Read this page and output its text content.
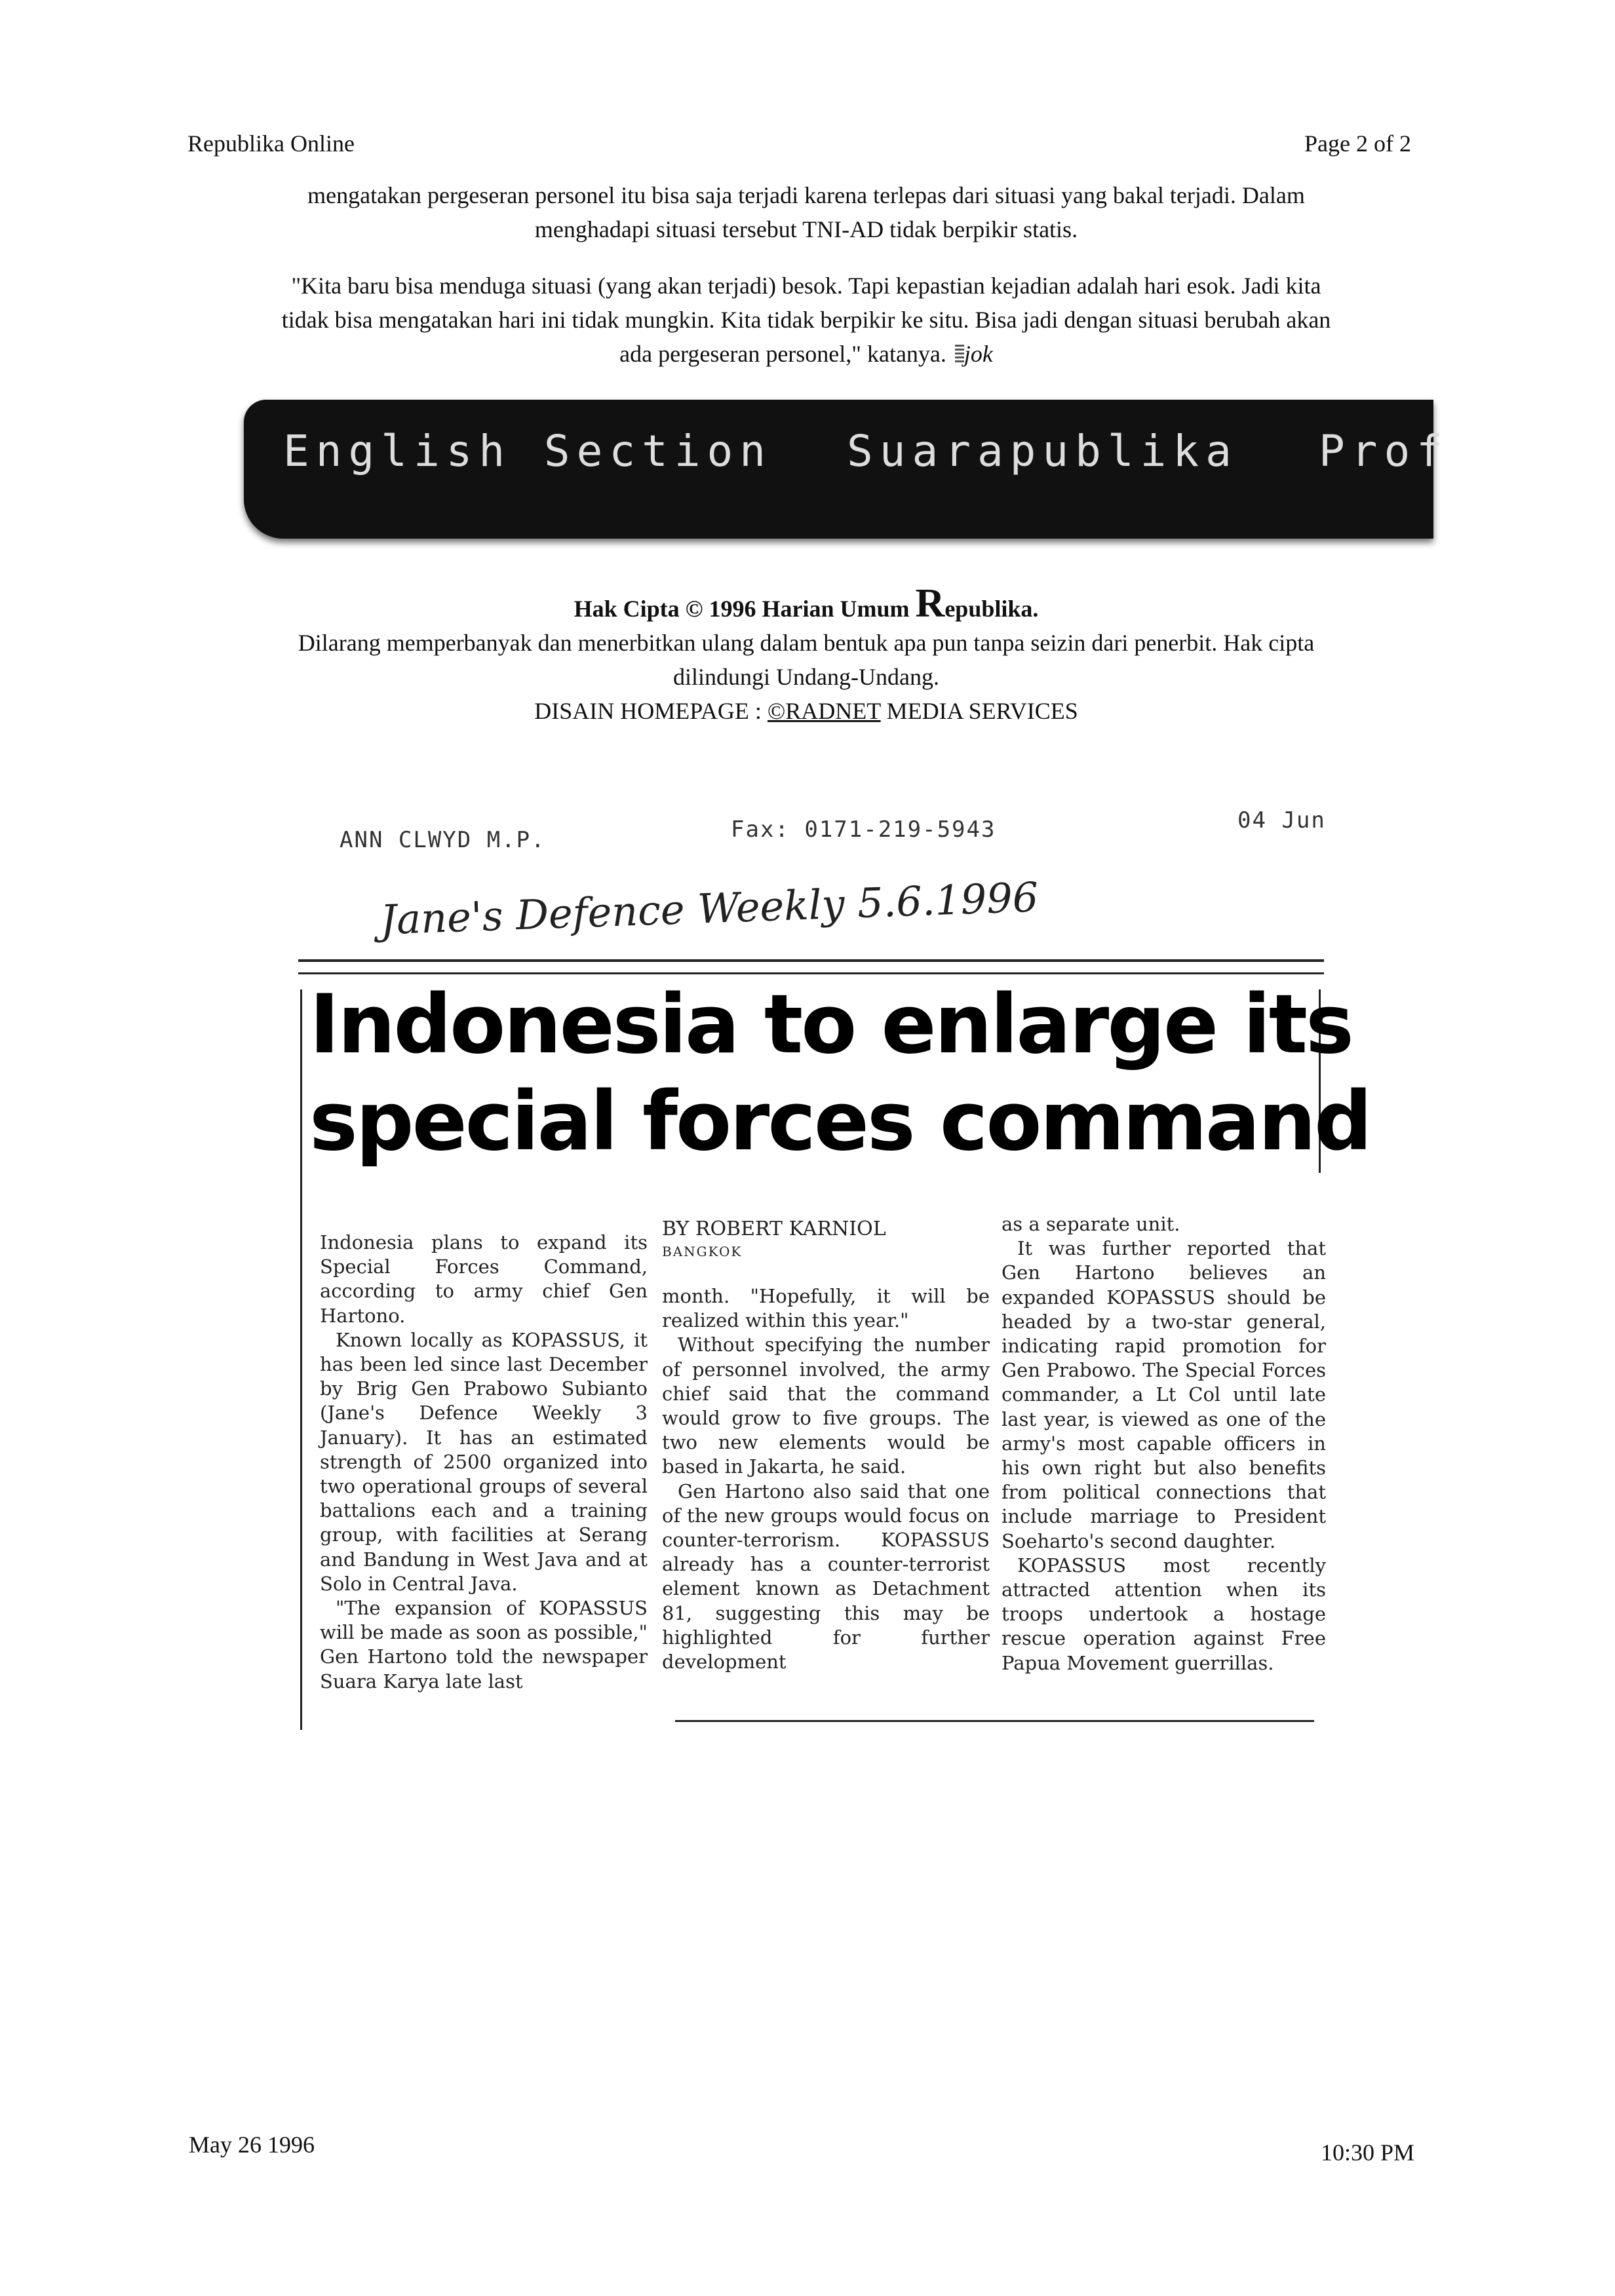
Republika Online	Page 2 of 2
mengatakan pergeseran personel itu bisa saja terjadi karena terlepas dari situasi yang bakal terjadi. Dalam
menghadapi situasi tersebut TNI-AD tidak berpikir statis.
"Kita baru bisa menduga situasi (yang akan terjadi) besok. Tapi kepastian kejadian adalah hari esok. Jadi kita
tidak bisa mengatakan hari ini tidak mungkin. Kita tidak berpikir ke situ. Bisa jadi dengan situasi berubah akan
ada pergeseran personel," katanya. jok
English Section Suarapublika Prof
Hak Cipta © 1996 Harian Umum Republika.
Dilarang memperbanyak dan menerbitkan ulang dalam bentuk apa pun tanpa seizin dari penerbit. Hak cipta
dilindungi Undang-Undang.
DISAIN HOMEPAGE : ©RADNET MEDIA SERVICES
ANN CLWYD M.P.	Fax: 0171-219-5943	04 Jun
Jane's Defence Weekly 5.6.1996
Indonesia to enlarge its
special forces command

Indonesia plans to expand its Special Forces Command, according to army chief Gen Hartono.

Known locally as KOPASSUS, it has been led since last December by Brig Gen Prabowo Subianto (Jane's Defence Weekly 3 January). It has an estimated strength of 2500 organized into two operational groups of several battalions each and a training group, with facilities at Serang and Bandung in West Java and at Solo in Central Java.

"The expansion of KOPASSUS will be made as soon as possible," Gen Hartono told the newspaper Suara Karya late last

BY ROBERT KARNIOL
BANGKOK

month. "Hopefully, it will be realized within this year."

Without specifying the number of personnel involved, the army chief said that the command would grow to five groups. The two new elements would be based in Jakarta, he said.

Gen Hartono also said that one of the new groups would focus on counter-terrorism. KOPASSUS already has a counter-terrorist element known as Detachment 81, suggesting this may be highlighted for further development

as a separate unit.

It was further reported that Gen Hartono believes an expanded KOPASSUS should be headed by a two-star general, indicating rapid promotion for Gen Prabowo. The Special Forces commander, a Lt Col until late last year, is viewed as one of the army's most capable officers in his own right but also benefits from political connections that include marriage to President Soeharto's second daughter.

KOPASSUS most recently attracted attention when its troops undertook a hostage rescue operation against Free Papua Movement guerrillas.

May 26 1996	10:30 PM
